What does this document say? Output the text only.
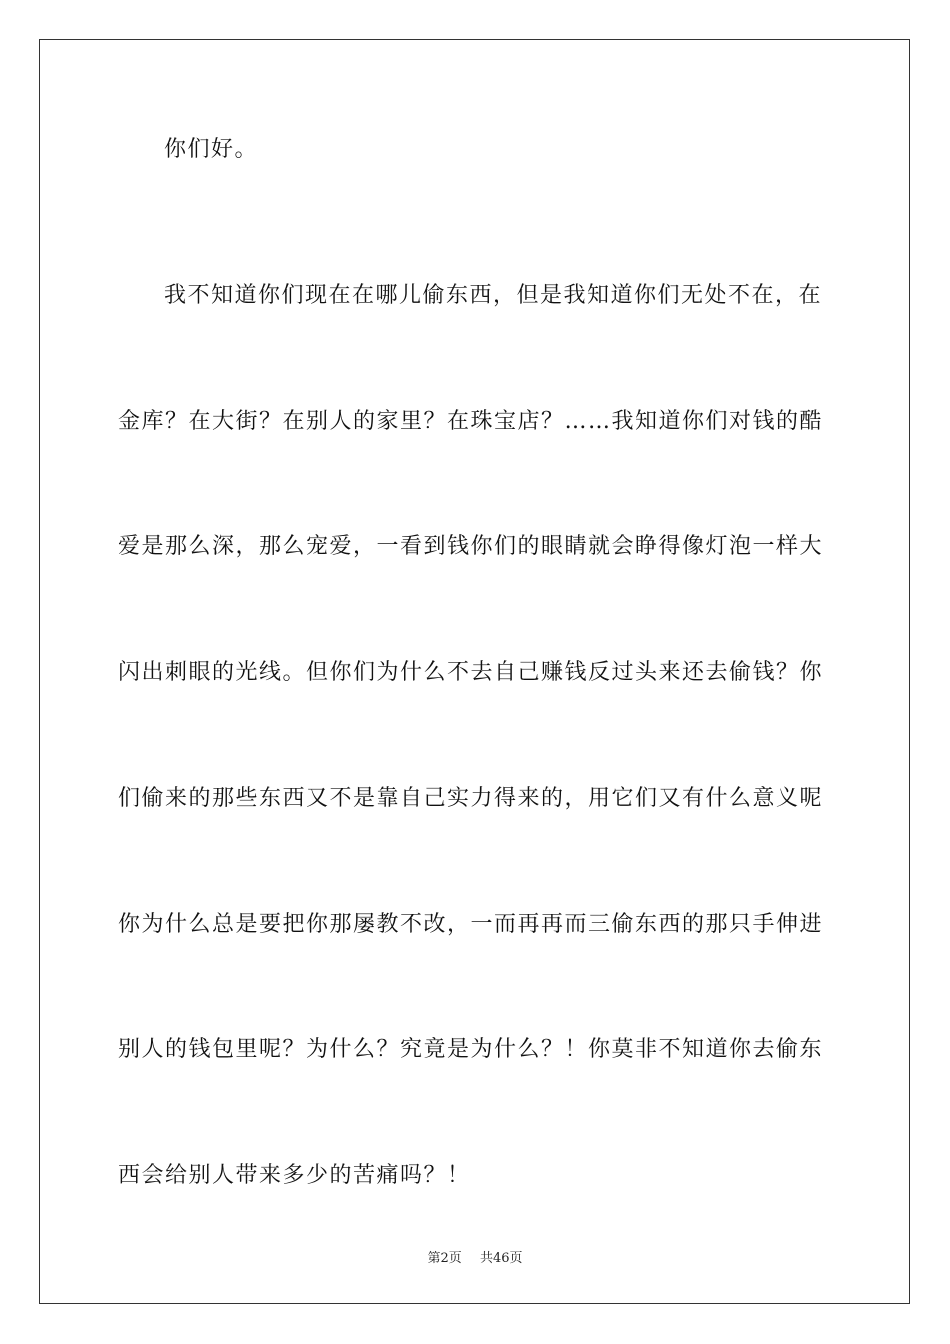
你们好。

我不知道你们现在在哪儿偷东西，但是我知道你们无处不在，在金库？在大街？在别人的家里？在珠宝店？……我知道你们对钱的酷爱是那么深，那么宠爱，一看到钱你们的眼睛就会睁得像灯泡一样大闪出刺眼的光线。但你们为什么不去自己赚钱反过头来还去偷钱？你们偷来的那些东西又不是靠自己实力得来的，用它们又有什么意义呢你为什么总是要把你那屡教不改，一而再再而三偷东西的那只手伸进别人的钱包里呢？为什么？究竟是为什么？！你莫非不知道你去偷东西会给别人带来多少的苦痛吗？！

第2页 共46页
